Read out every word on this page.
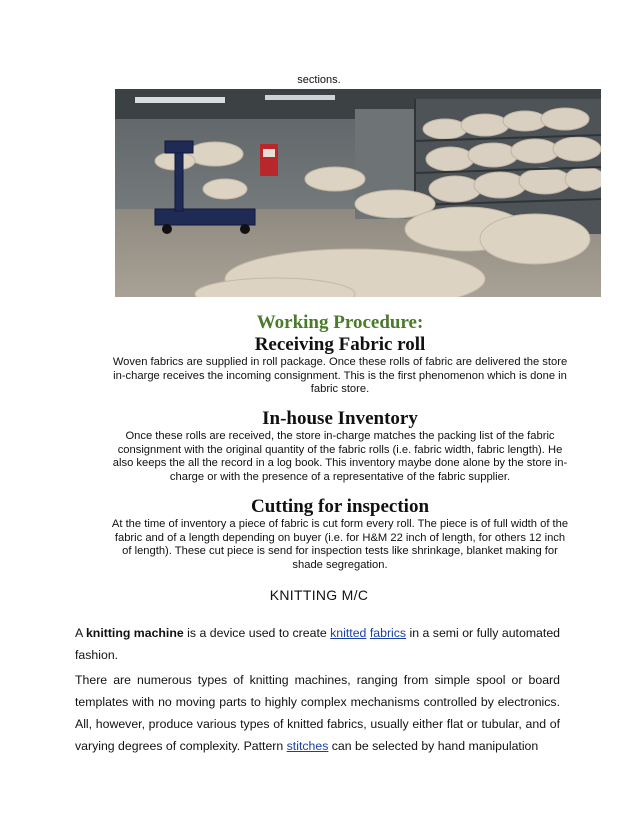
sections.
Working Procedure:
Receiving Fabric roll

Woven fabrics are supplied in roll package. Once these rolls of fabric are delivered the store in-charge receives the incoming consignment. This is the first phenomenon which is done in fabric store.

In-house Inventory

Once these rolls are received, the store in-charge matches the packing list of the fabric consignment with the original quantity of the fabric rolls (i.e. fabric width, fabric length). He also keeps the all the record in a log book. This inventory maybe done alone by the store in-charge or with the presence of a representative of the fabric supplier.

Cutting for inspection

At the time of inventory a piece of fabric is cut form every roll. The piece is of full width of the fabric and of a length depending on buyer (i.e. for H&M 22 inch of length, for others 12 inch of length). These cut piece is send for inspection tests like shrinkage, blanket making for shade segregation.

KNITTING M/C

A knitting machine is a device used to create knitted fabrics in a semi or fully automated fashion.

There are numerous types of knitting machines, ranging from simple spool or board templates with no moving parts to highly complex mechanisms controlled by electronics. All, however, produce various types of knitted fabrics, usually either flat or tubular, and of varying degrees of complexity. Pattern stitches can be selected by hand manipulation
